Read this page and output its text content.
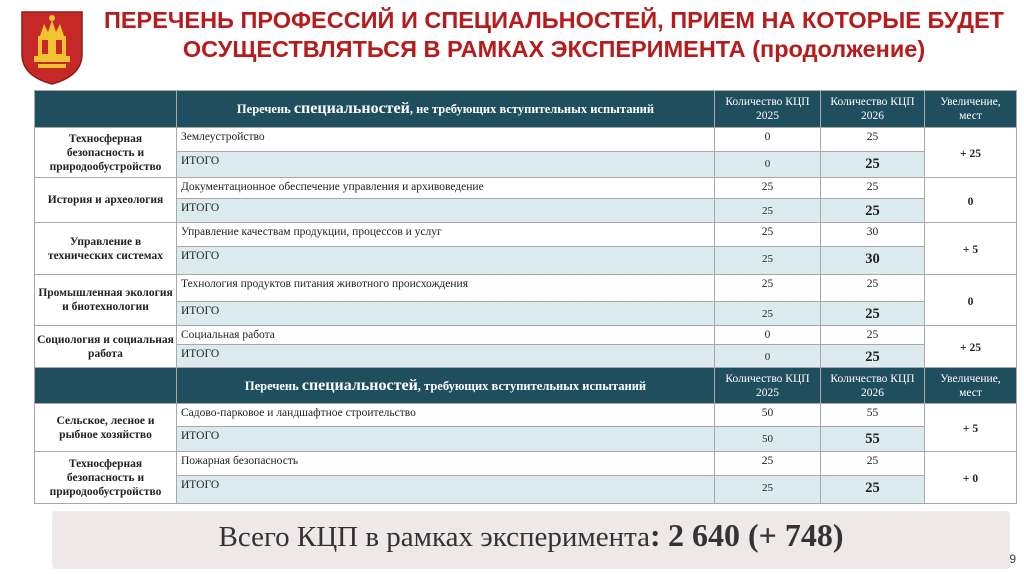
ПЕРЕЧЕНЬ ПРОФЕССИЙ И СПЕЦИАЛЬНОСТЕЙ, ПРИЕМ НА КОТОРЫЕ БУДЕТ ОСУЩЕСТВЛЯТЬСЯ В РАМКАХ ЭКСПЕРИМЕНТА (продолжение)
	Перечень специальностей, не требующих вступительных испытаний	Количество КЦП 2025	Количество КЦП 2026	Увеличение, мест
Техносферная безопасность и природообустройство	Землеустройство	0	25	+ 25
	ИТОГО	0	25	
История и археология	Документационное обеспечение управления и архивоведение	25	25	0
	ИТОГО	25	25	
Управление в технических системах	Управление качествам продукции, процессов и услуг	25	30	+ 5
	ИТОГО	25	30	
Промышленная экология и биотехнологии	Технология продуктов питания животного происхождения	25	25	0
	ИТОГО	25	25	
Социология и социальная работа	Социальная работа	0	25	+ 25
	ИТОГО	0	25	
	Перечень специальностей, требующих вступительных испытаний	Количество КЦП 2025	Количество КЦП 2026	Увеличение, мест
Сельское, лесное и рыбное хозяйство	Садово-парковое и ландшафтное строительство	50	55	+ 5
	ИТОГО	50	55	
Техносферная безопасность и природообустройство	Пожарная безопасность	25	25	+ 0
	ИТОГО	25	25	
Всего КЦП в рамках эксперимента: 2 640 (+ 748)
9
